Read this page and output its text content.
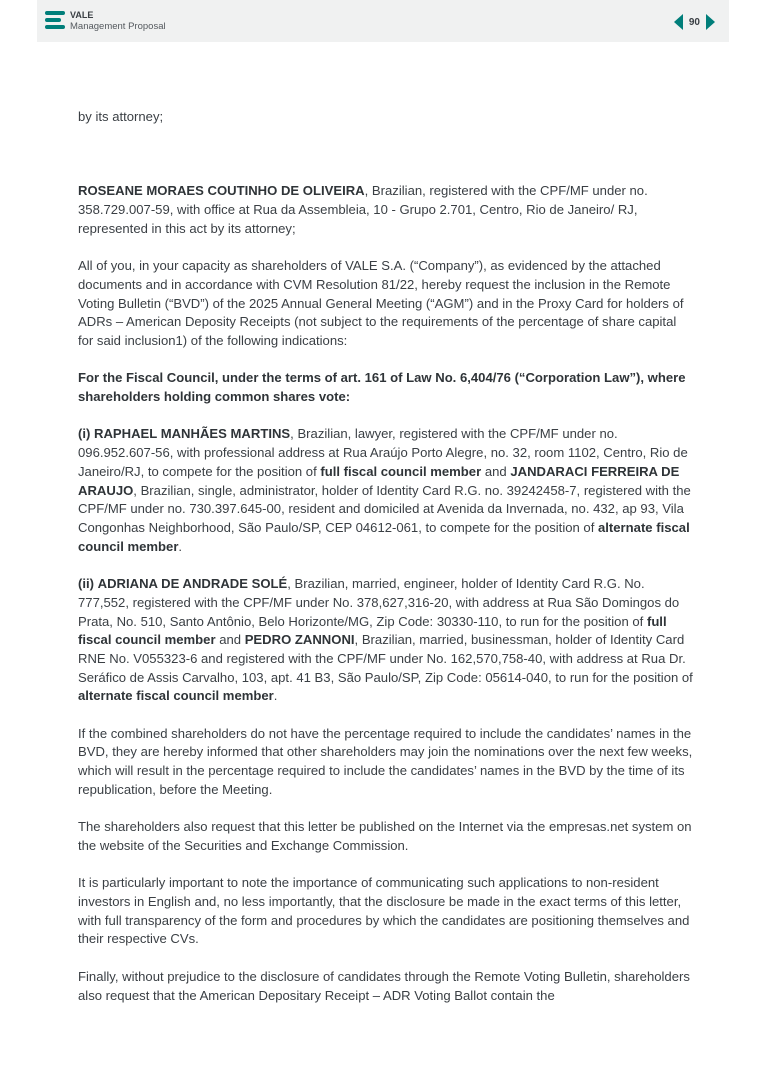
VALE
Management Proposal	90

by its attorney;

ROSEANE MORAES COUTINHO DE OLIVEIRA, Brazilian, registered with the CPF/MF under no. 358.729.007-59, with office at Rua da Assembleia, 10 - Grupo 2.701, Centro, Rio de Janeiro/ RJ, represented in this act by its attorney;

All of you, in your capacity as shareholders of VALE S.A. (“Company”), as evidenced by the attached documents and in accordance with CVM Resolution 81/22, hereby request the inclusion in the Remote Voting Bulletin (“BVD”) of the 2025 Annual General Meeting (“AGM”) and in the Proxy Card for holders of ADRs – American Deposity Receipts (not subject to the requirements of the percentage of share capital for said inclusion1) of the following indications:

For the Fiscal Council, under the terms of art. 161 of Law No. 6,404/76 (“Corporation Law”), where shareholders holding common shares vote:

(i) RAPHAEL MANHÃES MARTINS, Brazilian, lawyer, registered with the CPF/MF under no. 096.952.607-56, with professional address at Rua Araújo Porto Alegre, no. 32, room 1102, Centro, Rio de Janeiro/RJ, to compete for the position of full fiscal council member and JANDARACI FERREIRA DE ARAUJO, Brazilian, single, administrator, holder of Identity Card R.G. no. 39242458-7, registered with the CPF/MF under no. 730.397.645-00, resident and domiciled at Avenida da Invernada, no. 432, ap 93, Vila Congonhas Neighborhood, São Paulo/SP, CEP 04612-061, to compete for the position of alternate fiscal council member.

(ii) ADRIANA DE ANDRADE SOLÉ, Brazilian, married, engineer, holder of Identity Card R.G. No. 777,552, registered with the CPF/MF under No. 378,627,316-20, with address at Rua São Domingos do Prata, No. 510, Santo Antônio, Belo Horizonte/MG, Zip Code: 30330-110, to run for the position of full fiscal council member and PEDRO ZANNONI, Brazilian, married, businessman, holder of Identity Card RNE No. V055323-6 and registered with the CPF/MF under No. 162,570,758-40, with address at Rua Dr. Seráfico de Assis Carvalho, 103, apt. 41 B3, São Paulo/SP, Zip Code: 05614-040, to run for the position of alternate fiscal council member.

If the combined shareholders do not have the percentage required to include the candidates’ names in the BVD, they are hereby informed that other shareholders may join the nominations over the next few weeks, which will result in the percentage required to include the candidates’ names in the BVD by the time of its republication, before the Meeting.

The shareholders also request that this letter be published on the Internet via the empresas.net system on the website of the Securities and Exchange Commission.

It is particularly important to note the importance of communicating such applications to non-resident investors in English and, no less importantly, that the disclosure be made in the exact terms of this letter, with full transparency of the form and procedures by which the candidates are positioning themselves and their respective CVs.

Finally, without prejudice to the disclosure of candidates through the Remote Voting Bulletin, shareholders also request that the American Depositary Receipt – ADR Voting Ballot contain the
